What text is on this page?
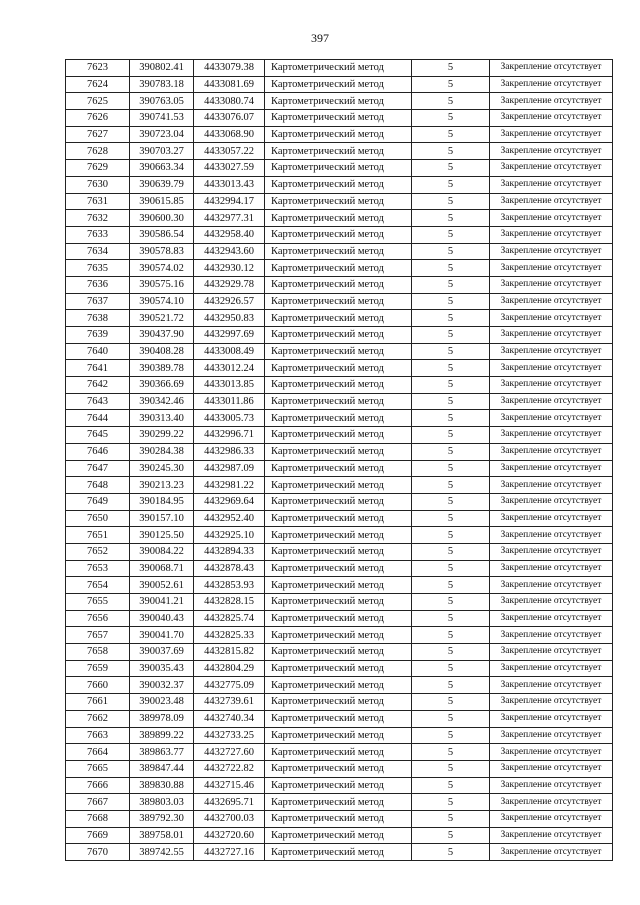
397
7623	390802.41	4433079.38	Картометрический метод	5	Закрепление отсутствует
7624	390783.18	4433081.69	Картометрический метод	5	Закрепление отсутствует
7625	390763.05	4433080.74	Картометрический метод	5	Закрепление отсутствует
7626	390741.53	4433076.07	Картометрический метод	5	Закрепление отсутствует
7627	390723.04	4433068.90	Картометрический метод	5	Закрепление отсутствует
7628	390703.27	4433057.22	Картометрический метод	5	Закрепление отсутствует
7629	390663.34	4433027.59	Картометрический метод	5	Закрепление отсутствует
7630	390639.79	4433013.43	Картометрический метод	5	Закрепление отсутствует
7631	390615.85	4432994.17	Картометрический метод	5	Закрепление отсутствует
7632	390600.30	4432977.31	Картометрический метод	5	Закрепление отсутствует
7633	390586.54	4432958.40	Картометрический метод	5	Закрепление отсутствует
7634	390578.83	4432943.60	Картометрический метод	5	Закрепление отсутствует
7635	390574.02	4432930.12	Картометрический метод	5	Закрепление отсутствует
7636	390575.16	4432929.78	Картометрический метод	5	Закрепление отсутствует
7637	390574.10	4432926.57	Картометрический метод	5	Закрепление отсутствует
7638	390521.72	4432950.83	Картометрический метод	5	Закрепление отсутствует
7639	390437.90	4432997.69	Картометрический метод	5	Закрепление отсутствует
7640	390408.28	4433008.49	Картометрический метод	5	Закрепление отсутствует
7641	390389.78	4433012.24	Картометрический метод	5	Закрепление отсутствует
7642	390366.69	4433013.85	Картометрический метод	5	Закрепление отсутствует
7643	390342.46	4433011.86	Картометрический метод	5	Закрепление отсутствует
7644	390313.40	4433005.73	Картометрический метод	5	Закрепление отсутствует
7645	390299.22	4432996.71	Картометрический метод	5	Закрепление отсутствует
7646	390284.38	4432986.33	Картометрический метод	5	Закрепление отсутствует
7647	390245.30	4432987.09	Картометрический метод	5	Закрепление отсутствует
7648	390213.23	4432981.22	Картометрический метод	5	Закрепление отсутствует
7649	390184.95	4432969.64	Картометрический метод	5	Закрепление отсутствует
7650	390157.10	4432952.40	Картометрический метод	5	Закрепление отсутствует
7651	390125.50	4432925.10	Картометрический метод	5	Закрепление отсутствует
7652	390084.22	4432894.33	Картометрический метод	5	Закрепление отсутствует
7653	390068.71	4432878.43	Картометрический метод	5	Закрепление отсутствует
7654	390052.61	4432853.93	Картометрический метод	5	Закрепление отсутствует
7655	390041.21	4432828.15	Картометрический метод	5	Закрепление отсутствует
7656	390040.43	4432825.74	Картометрический метод	5	Закрепление отсутствует
7657	390041.70	4432825.33	Картометрический метод	5	Закрепление отсутствует
7658	390037.69	4432815.82	Картометрический метод	5	Закрепление отсутствует
7659	390035.43	4432804.29	Картометрический метод	5	Закрепление отсутствует
7660	390032.37	4432775.09	Картометрический метод	5	Закрепление отсутствует
7661	390023.48	4432739.61	Картометрический метод	5	Закрепление отсутствует
7662	389978.09	4432740.34	Картометрический метод	5	Закрепление отсутствует
7663	389899.22	4432733.25	Картометрический метод	5	Закрепление отсутствует
7664	389863.77	4432727.60	Картометрический метод	5	Закрепление отсутствует
7665	389847.44	4432722.82	Картометрический метод	5	Закрепление отсутствует
7666	389830.88	4432715.46	Картометрический метод	5	Закрепление отсутствует
7667	389803.03	4432695.71	Картометрический метод	5	Закрепление отсутствует
7668	389792.30	4432700.03	Картометрический метод	5	Закрепление отсутствует
7669	389758.01	4432720.60	Картометрический метод	5	Закрепление отсутствует
7670	389742.55	4432727.16	Картометрический метод	5	Закрепление отсутствует
